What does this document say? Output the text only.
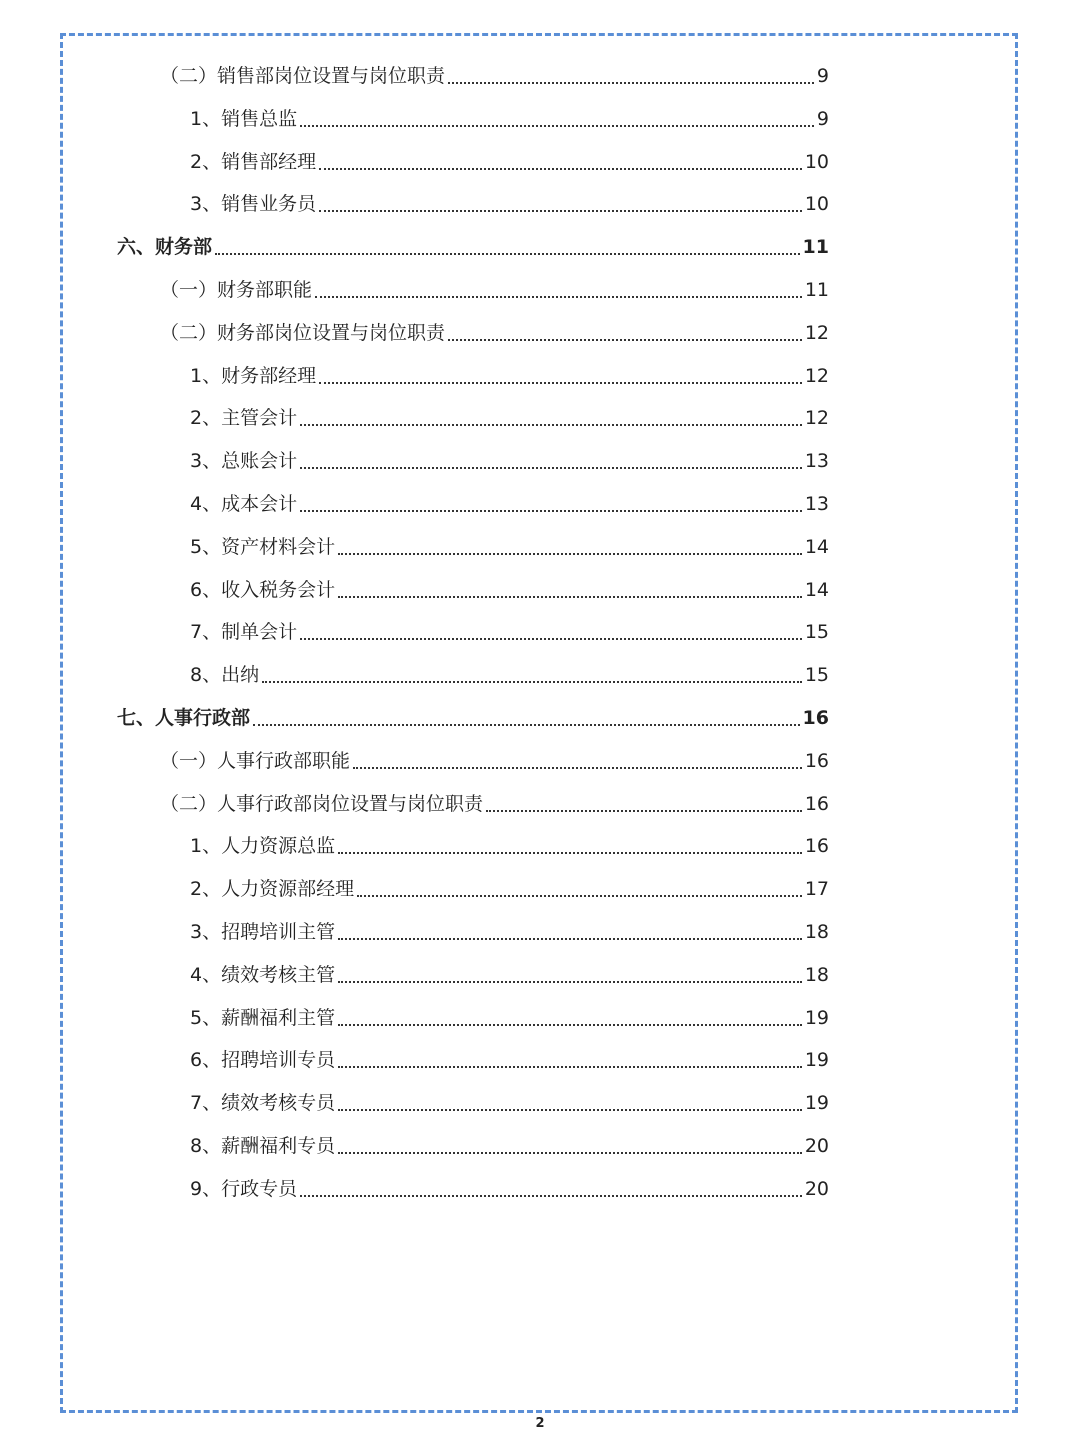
（二）销售部岗位设置与岗位职责	9
1、销售总监	9
2、销售部经理	10
3、销售业务员	10
六、财务部	11
（一）财务部职能	11
（二）财务部岗位设置与岗位职责	12
1、财务部经理	12
2、主管会计	12
3、总账会计	13
4、成本会计	13
5、资产材料会计	14
6、收入税务会计	14
7、制单会计	15
8、出纳	15
七、人事行政部	16
（一）人事行政部职能	16
（二）人事行政部岗位设置与岗位职责	16
1、人力资源总监	16
2、人力资源部经理	17
3、招聘培训主管	18
4、绩效考核主管	18
5、薪酬福利主管	19
6、招聘培训专员	19
7、绩效考核专员	19
8、薪酬福利专员	20
9、行政专员	20
2
